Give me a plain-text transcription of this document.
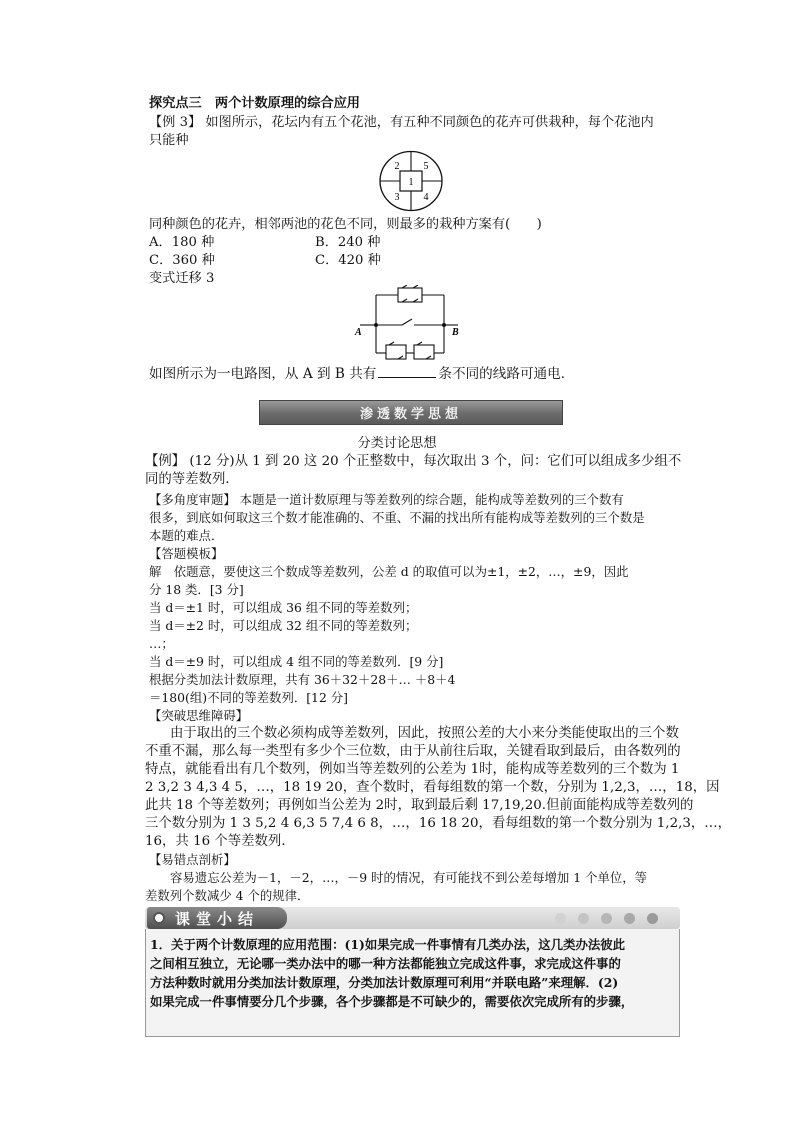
探究点三　两个计数原理的综合应用
【例 3】 如图所示，花坛内有五个花池，有五种不同颜色的花卉可供栽种，每个花池内
只能种
1
2
3 4
5
同种颜色的花卉，相邻两池的花色不同，则最多的栽种方案有(　　)
A．180 种	B．240 种
C．360 种	C．420 种
变式迁移 3
A	B
如图所示为一电路图，从 A 到 B 共有	条不同的线路可通电．
渗透数学思想
分类讨论思想
【例】 (12 分)从 1 到 20 这 20 个正整数中，每次取出 3 个，问：它们可以组成多少组不
同的等差数列．
【多角度审题】 本题是一道计数原理与等差数列的综合题，能构成等差数列的三个数有
很多，到底如何取这三个数才能准确的、不重、不漏的找出所有能构成等差数列的三个数是
本题的难点．
【答题模板】
解　依题意，要使这三个数成等差数列，公差 d 的取值可以为±1，±2，…，±9，因此
分 18 类．[3 分]
当 d＝±1 时，可以组成 36 组不同的等差数列；
当 d＝±2 时，可以组成 32 组不同的等差数列；
…；
当 d＝±9 时，可以组成 4 组不同的等差数列．[9 分]
根据分类加法计数原理，共有 36＋32＋28＋… ＋8＋4
＝180(组)不同的等差数列．[12 分]
【突破思维障碍】
由于取出的三个数必须构成等差数列，因此，按照公差的大小来分类能使取出的三个数
不重不漏，那么每一类型有多少个三位数，由于从前往后取，关键看取到最后，由各数列的
特点，就能看出有几个数列，例如当等差数列的公差为 1时，能构成等差数列的三个数为 1
2 3,2 3 4,3 4 5，…，18 19 20，查个数时，看每组数的第一个数，分别为 1,2,3，…，18，因
此共 18 个等差数列；再例如当公差为 2时，取到最后剩 17,19,20.但前面能构成等差数列的
三个数分别为 1 3 5,2 4 6,3 5 7,4 6 8，…，16 18 20，看每组数的第一个数分别为 1,2,3，…，
16，共 16 个等差数列．
【易错点剖析】
容易遗忘公差为－1，－2，…，－9 时的情况，有可能找不到公差每增加 1 个单位，等
差数列个数减少 4 个的规律．
课堂小结
1．关于两个计数原理的应用范围：(1)如果完成一件事情有几类办法，这几类办法彼此
之间相互独立，无论哪一类办法中的哪一种方法都能独立完成这件事，求完成这件事的
方法种数时就用分类加法计数原理，分类加法计数原理可利用“并联电路”来理解．(2)
如果完成一件事情要分几个步骤，各个步骤都是不可缺少的，需要依次完成所有的步骤，
